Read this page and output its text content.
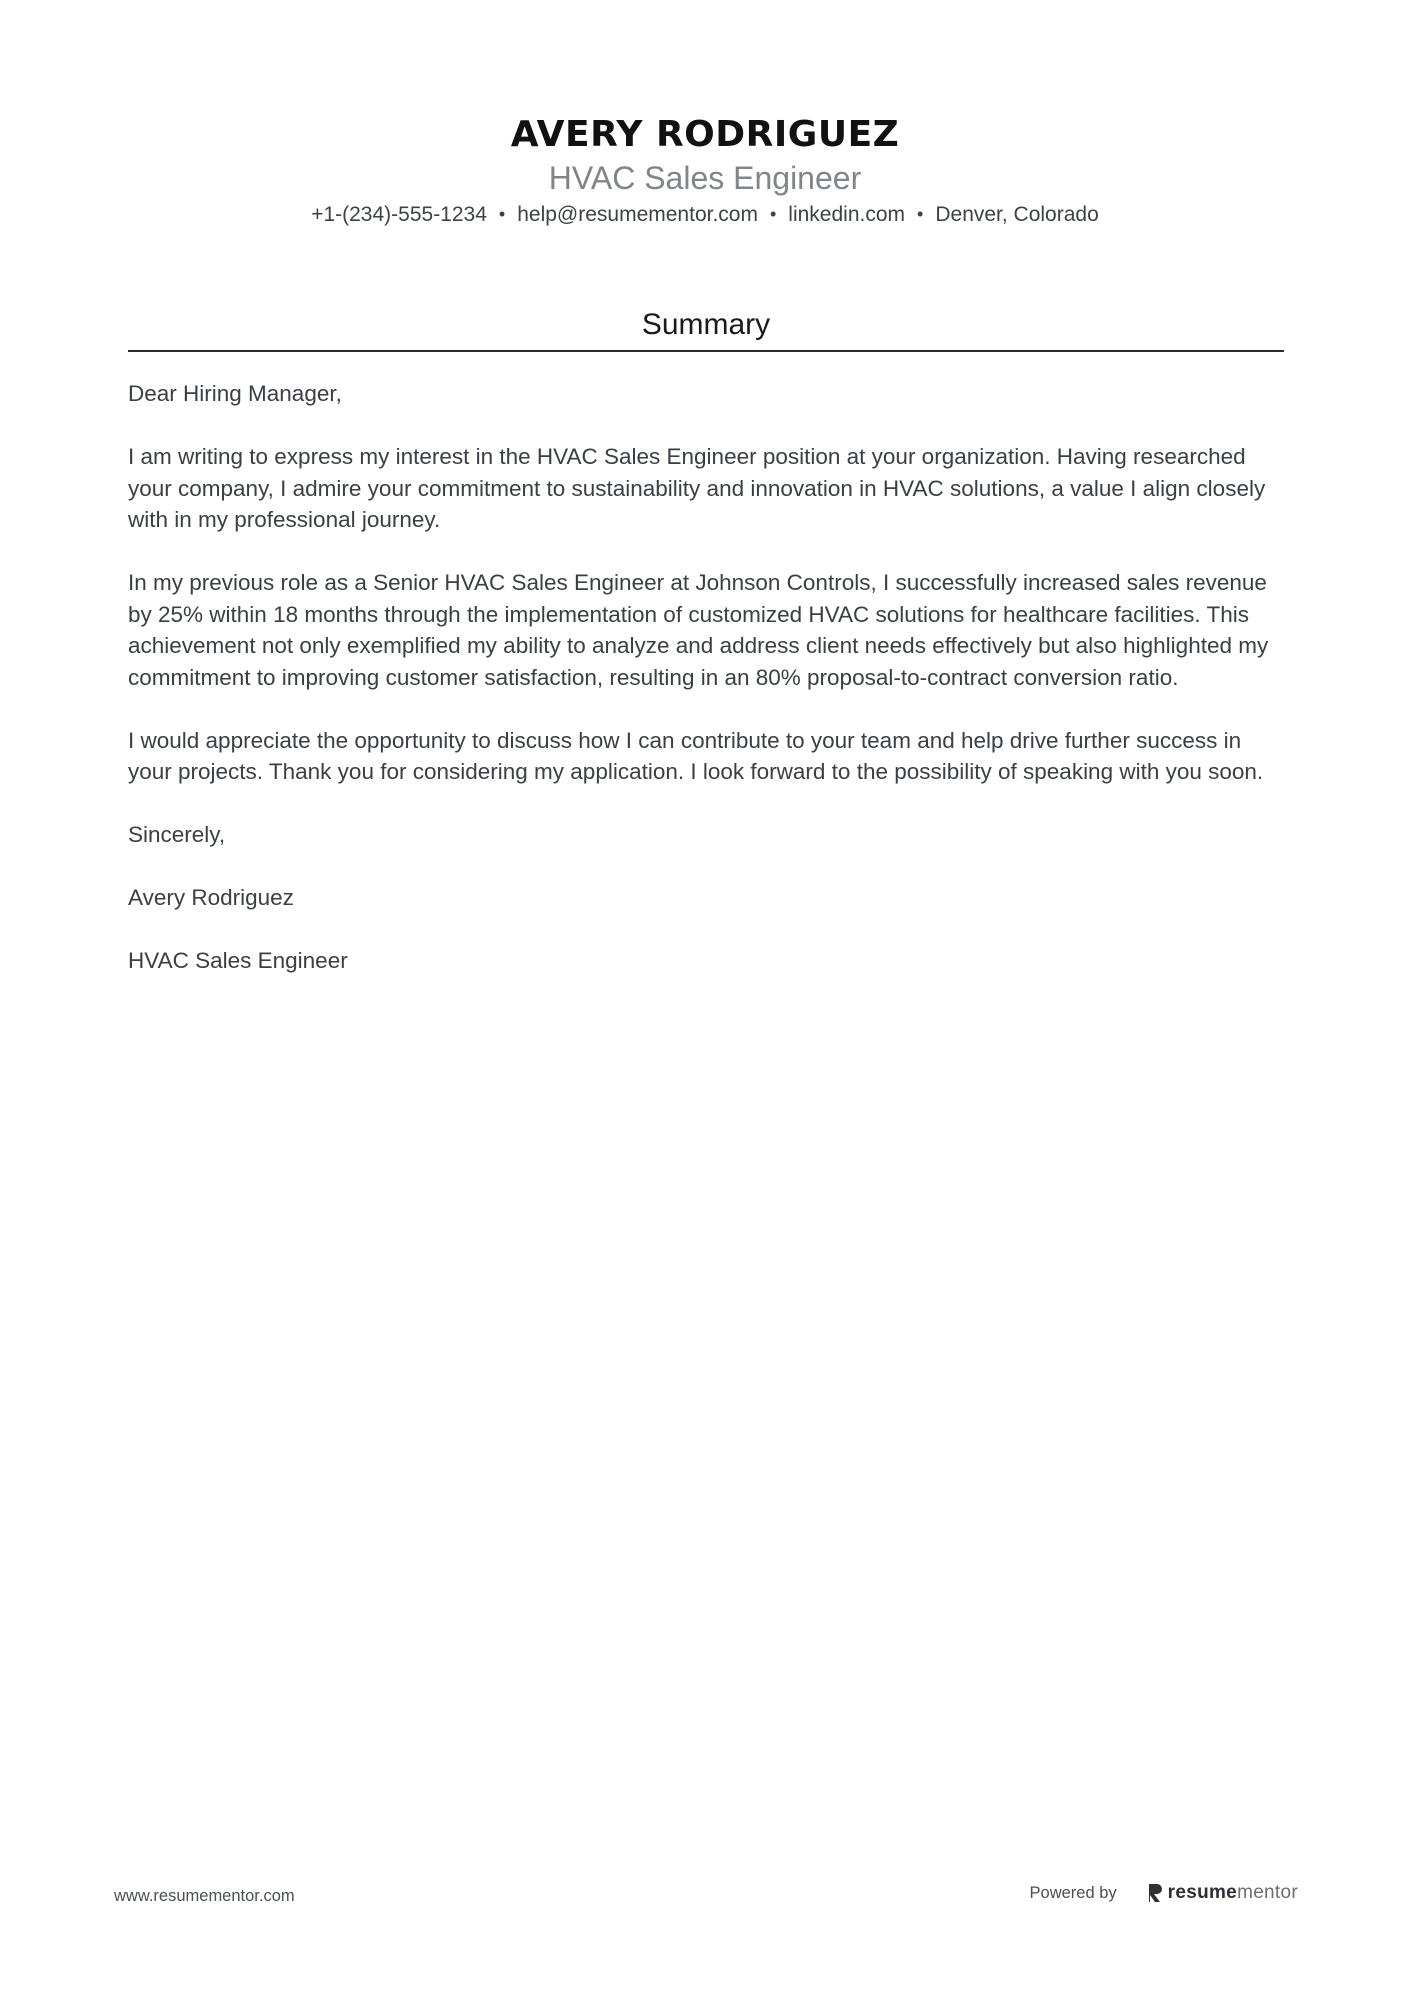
AVERY RODRIGUEZ
HVAC Sales Engineer
+1-(234)-555-1234 • help@resumementor.com • linkedin.com • Denver, Colorado
Summary

Dear Hiring Manager,

I am writing to express my interest in the HVAC Sales Engineer position at your organization. Having researched your company, I admire your commitment to sustainability and innovation in HVAC solutions, a value I align closely with in my professional journey.

In my previous role as a Senior HVAC Sales Engineer at Johnson Controls, I successfully increased sales revenue by 25% within 18 months through the implementation of customized HVAC solutions for healthcare facilities. This achievement not only exemplified my ability to analyze and address client needs effectively but also highlighted my commitment to improving customer satisfaction, resulting in an 80% proposal-to-contract conversion ratio.

I would appreciate the opportunity to discuss how I can contribute to your team and help drive further success in your projects. Thank you for considering my application. I look forward to the possibility of speaking with you soon.

Sincerely,

Avery Rodriguez

HVAC Sales Engineer

www.resumementor.com	Powered by	resume mentor
